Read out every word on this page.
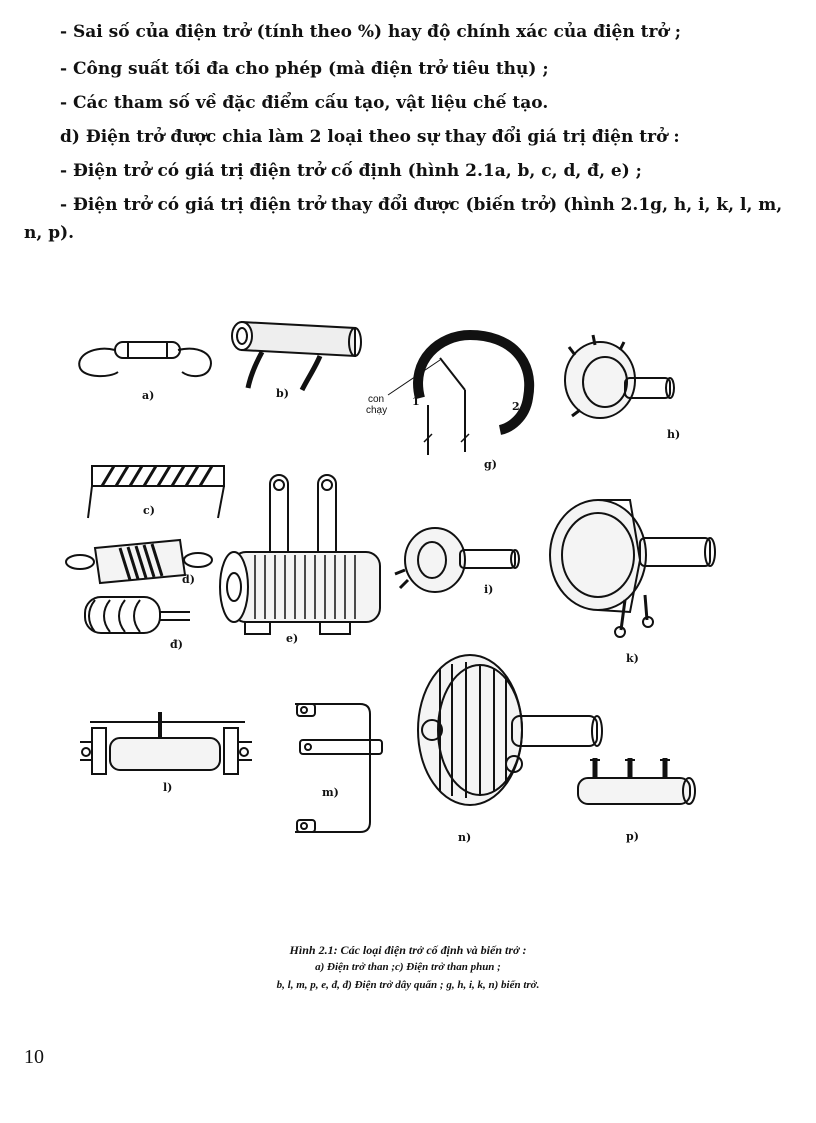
- Sai số của điện trở (tính theo %) hay độ chính xác của điện trở ;

- Công suất tối đa cho phép (mà điện trở tiêu thụ) ;

- Các tham số về đặc điểm cấu tạo, vật liệu chế tạo.

d) Điện trở được chia làm 2 loại theo sự thay đổi giá trị điện trở :

- Điện trở có giá trị điện trở cố định (hình 2.1a, b, c, d, đ, e) ;

- Điện trở có giá trị điện trở thay đổi được (biến trở) (hình 2.1g, h, i, k, l, m, n, p).

a)	b)
c)
d)
đ)	e)
g)
h)
i)
k)
l)	m)
n)	p)
con
chạy
1	2
Hình 2.1: Các loại điện trở cố định và biến trở :
a) Điện trở than ;c) Điện trở than phun ;
b, l, m, p, e, đ, đ) Điện trở dây quấn ; g, h, i, k, n) biến trở.
10
